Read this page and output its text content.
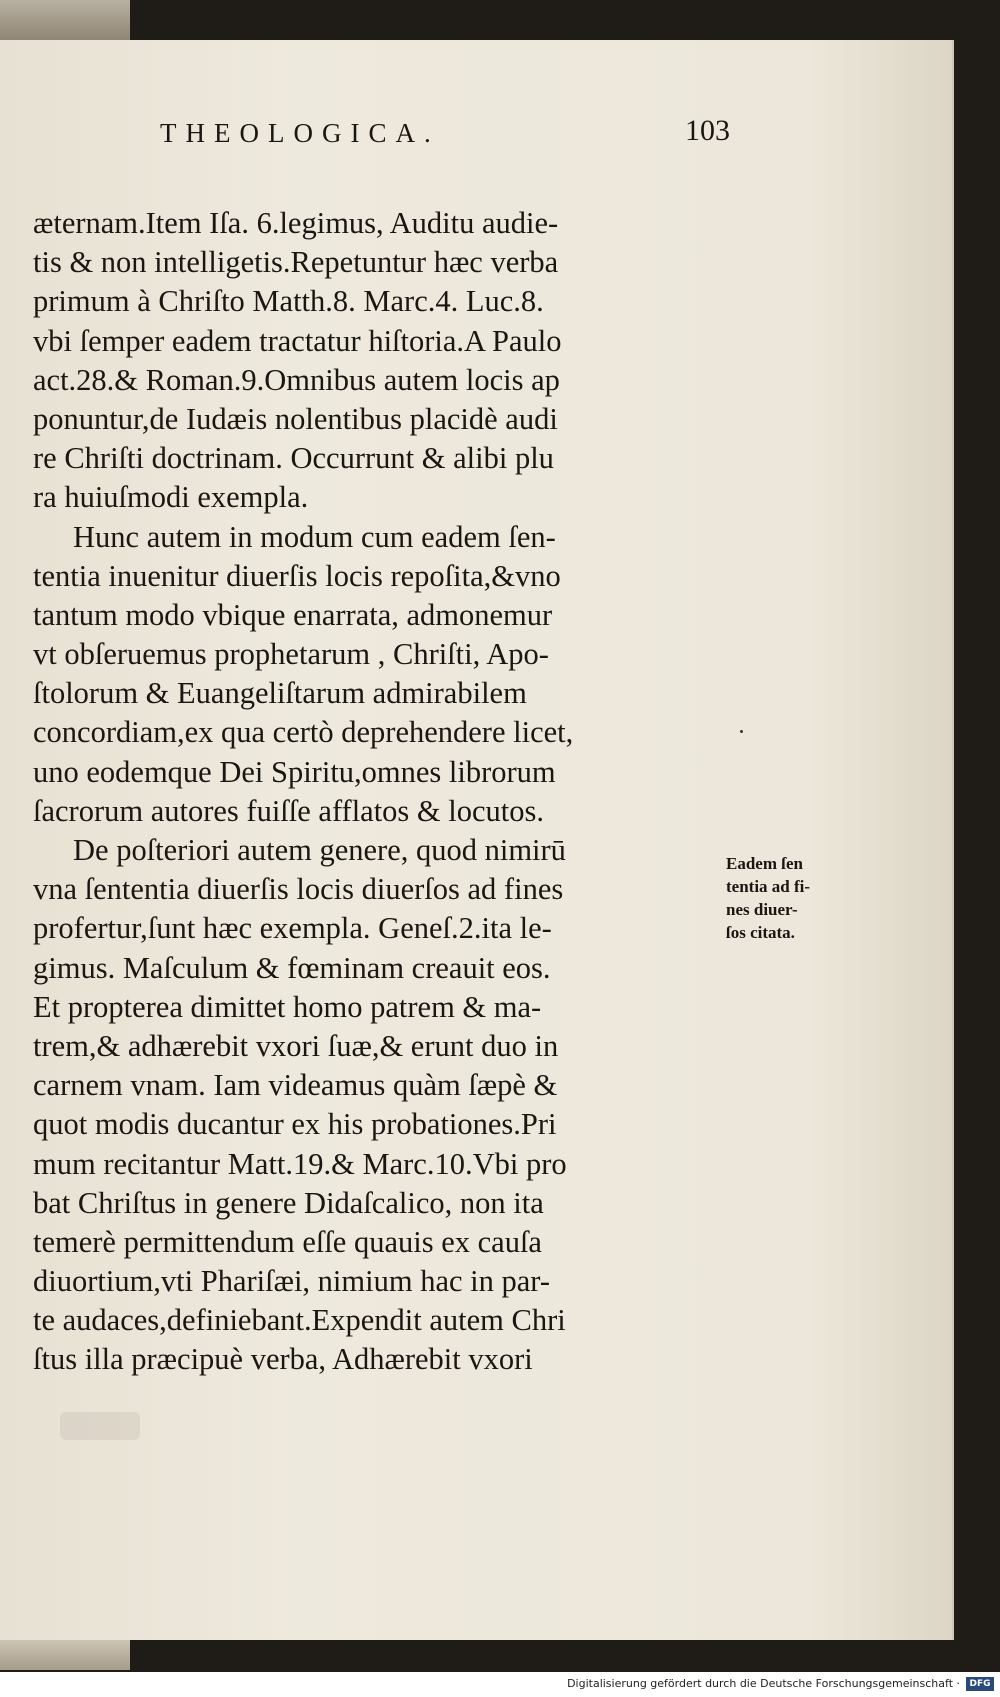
THEOLOGICA.	103
æternam.Item Iſa. 6.legimus, Auditu audie-
tis & non intelligetis.Repetuntur hæc verba
primum à Chriſto Matth.8. Marc.4. Luc.8.
vbi ſemper eadem tractatur hiſtoria.A Paulo
act.28.& Roman.9.Omnibus autem locis ap
ponuntur,de Iudæis nolentibus placidè audi
re Chriſti doctrinam. Occurrunt & alibi plu
ra huiuſmodi exempla.
Hunc autem in modum cum eadem ſen-
tentia inuenitur diuerſis locis repoſita,&vno
tantum modo vbique enarrata, admonemur
vt obſeruemus prophetarum , Chriſti, Apo-
ſtolorum & Euangeliſtarum admirabilem
concordiam,ex qua certò deprehendere licet,
uno eodemque Dei Spiritu,omnes librorum
ſacrorum autores fuiſſe afflatos & locutos.
De poſteriori autem genere, quod nimirū
vna ſententia diuerſis locis diuerſos ad fines
profertur,ſunt hæc exempla. Geneſ.2.ita le-
gimus. Maſculum & fœminam creauit eos.
Et propterea dimittet homo patrem & ma-
trem,& adhærebit vxori ſuæ,& erunt duo in
carnem vnam. Iam videamus quàm ſæpè &
quot modis ducantur ex his probationes.Pri
mum recitantur Matt.19.& Marc.10.Vbi pro
bat Chriſtus in genere Didaſcalico, non ita
temerè permittendum eſſe quauis ex cauſa
diuortium,vti Phariſæi, nimium hac in par-
te audaces,definiebant.Expendit autem Chri
ſtus illa præcipuè verba, Adhærebit vxori
Eadem ſen
tentia ad fi-
nes diuer-
ſos citata.
Digitalisierung gefördert durch die Deutsche Forschungsgemeinschaft ·	DFG
